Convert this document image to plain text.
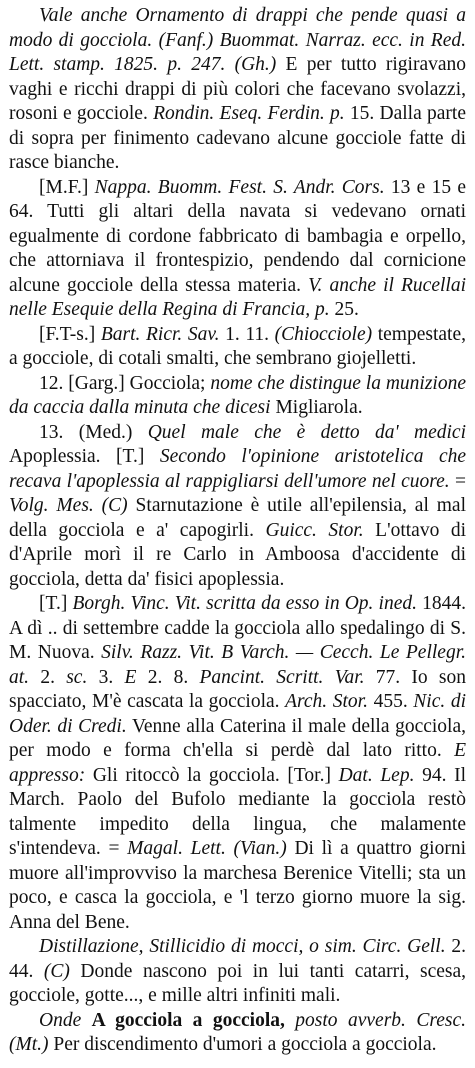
Vale anche Ornamento di drappi che pende quasi a modo di gocciola. (Fanf.) Buommat. Narraz. ecc. in Red. Lett. stamp. 1825. p. 247. (Gh.) E per tutto rigiravano vaghi e ricchi drappi di più colori che facevano svolazzi, rosoni e gocciole. Rondin. Eseq. Ferdin. p. 15. Dalla parte di sopra per finimento cadevano alcune gocciole fatte di rasce bianche.

[M.F.] Nappa. Buomm. Fest. S. Andr. Cors. 13 e 15 e 64. Tutti gli altari della navata si vedevano ornati egualmente di cordone fabbricato di bambagia e orpello, che attorniava il frontespizio, pendendo dal cornicione alcune gocciole della stessa materia. V. anche il Rucellai nelle Esequie della Regina di Francia, p. 25.

[F.T-s.] Bart. Ricr. Sav. 1. 11. (Chiocciole) tempestate, a gocciole, di cotali smalti, che sembrano giojelletti.

12. [Garg.] Gocciola; nome che distingue la munizione da caccia dalla minuta che dicesi Migliarola.

13. (Med.) Quel male che è detto da' medici Apoplessia. [T.] Secondo l'opinione aristotelica che recava l'apoplessia al rappigliarsi dell'umore nel cuore. = Volg. Mes. (C) Starnutazione è utile all'epilensia, al mal della gocciola e a' capogirli. Guicc. Stor. L'ottavo di d'Aprile morì il re Carlo in Amboosa d'accidente di gocciola, detta da' fisici apoplessia.

[T.] Borgh. Vinc. Vit. scritta da esso in Op. ined. 1844. A dì .. di settembre cadde la gocciola allo spedalingo di S. M. Nuova. Silv. Razz. Vit. B Varch. — Cecch. Le Pellegr. at. 2. sc. 3. E 2. 8. Pancint. Scritt. Var. 77. Io son spacciato, M'è cascata la gocciola. Arch. Stor. 455. Nic. di Oder. di Credi. Venne alla Caterina il male della gocciola, per modo e forma ch'ella si perdè dal lato ritto. E appresso: Gli ritoccò la gocciola. [Tor.] Dat. Lep. 94. Il March. Paolo del Bufolo mediante la gocciola restò talmente impedito della lingua, che malamente s'intendeva. = Magal. Lett. (Vian.) Di lì a quattro giorni muore all'improvviso la marchesa Berenice Vitelli; sta un poco, e casca la gocciola, e 'l terzo giorno muore la sig. Anna del Bene.

Distillazione, Stillicidio di mocci, o sim. Circ. Gell. 2. 44. (C) Donde nascono poi in lui tanti catarri, scesa, gocciole, gotte..., e mille altri infiniti mali.

Onde A gocciola a gocciola, posto avverb. Cresc. (Mt.) Per discendimento d'umori a gocciola a gocciola.
